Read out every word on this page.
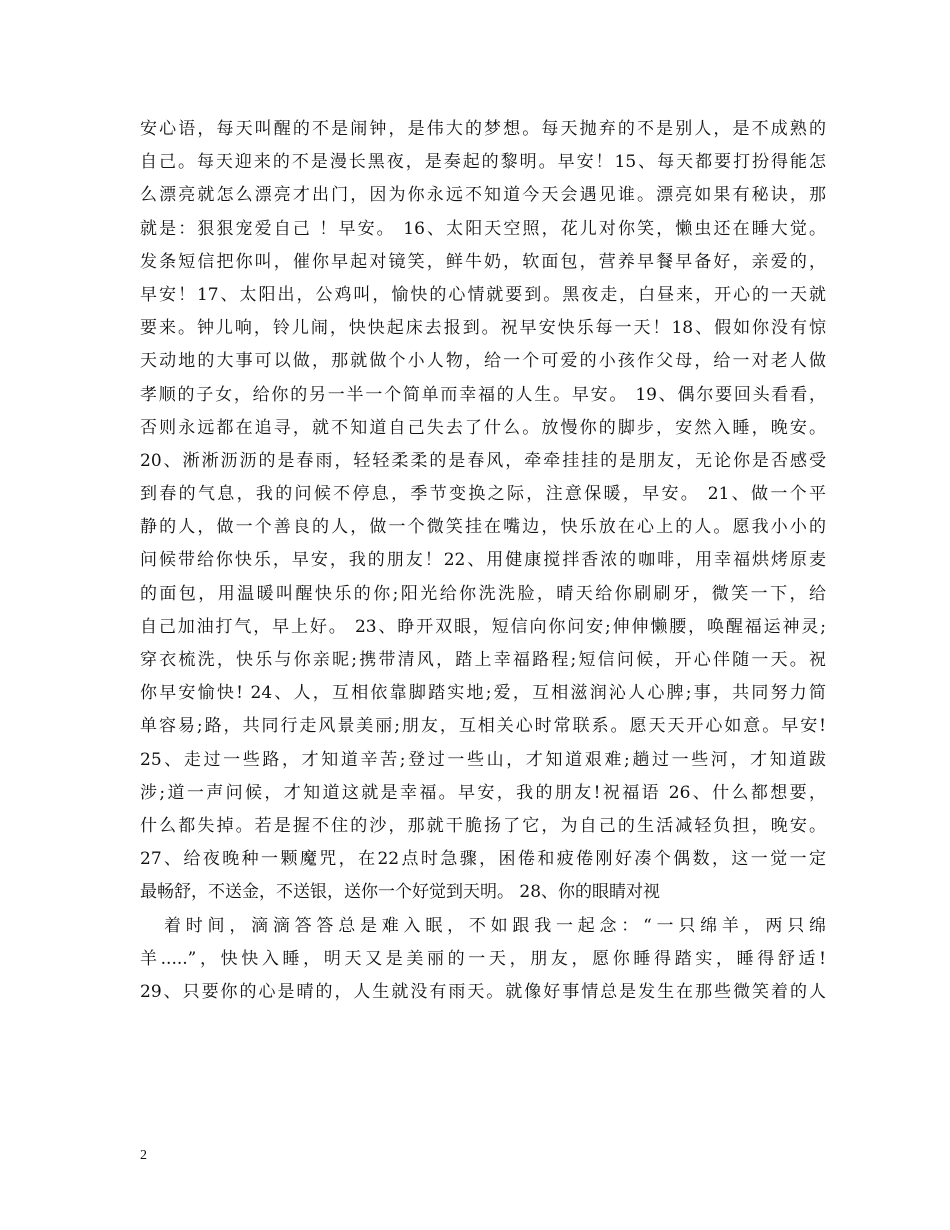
安心语，每天叫醒的不是闹钟，是伟大的梦想。每天抛弃的不是别人，是不成熟的
自己。每天迎来的不是漫长黑夜，是奏起的黎明。早安！15、每天都要打扮得能怎
么漂亮就怎么漂亮才出门，因为你永远不知道今天会遇见谁。漂亮如果有秘诀，那
就是：狠狠宠爱自己 ！早安。 16、太阳天空照，花儿对你笑，懒虫还在睡大觉。
发条短信把你叫，催你早起对镜笑，鲜牛奶，软面包，营养早餐早备好，亲爱的，
早安！17、太阳出，公鸡叫，愉快的心情就要到。黑夜走，白昼来，开心的一天就
要来。钟儿响，铃儿闹，快快起床去报到。祝早安快乐每一天！18、假如你没有惊
天动地的大事可以做，那就做个小人物，给一个可爱的小孩作父母，给一对老人做
孝顺的子女，给你的另一半一个简单而幸福的人生。早安。 19、偶尔要回头看看，
否则永远都在追寻，就不知道自己失去了什么。放慢你的脚步，安然入睡，晚安。
20、淅淅沥沥的是春雨，轻轻柔柔的是春风，牵牵挂挂的是朋友，无论你是否感受
到春的气息，我的问候不停息，季节变换之际，注意保暖，早安。 21、做一个平
静的人，做一个善良的人，做一个微笑挂在嘴边，快乐放在心上的人。愿我小小的
问候带给你快乐，早安，我的朋友！22、用健康搅拌香浓的咖啡，用幸福烘烤原麦
的面包，用温暖叫醒快乐的你;阳光给你洗洗脸，晴天给你刷刷牙，微笑一下，给
自己加油打气，早上好。 23、睁开双眼，短信向你问安;伸伸懒腰，唤醒福运神灵;
穿衣梳洗，快乐与你亲昵;携带清风，踏上幸福路程;短信问候，开心伴随一天。祝
你早安愉快! 24、人，互相依靠脚踏实地;爱，互相滋润沁人心脾;事，共同努力简
单容易;路，共同行走风景美丽;朋友，互相关心时常联系。愿天天开心如意。早安!
25、走过一些路，才知道辛苦;登过一些山，才知道艰难;趟过一些河，才知道跋
涉;道一声问候，才知道这就是幸福。早安，我的朋友!祝福语 26、什么都想要，
什么都失掉。若是握不住的沙，那就干脆扬了它，为自己的生活减轻负担，晚安。
27、给夜晚种一颗魔咒，在22点时急骤，困倦和疲倦刚好凑个偶数，这一觉一定
最畅舒，不送金，不送银，送你一个好觉到天明。 28、你的眼睛对视
着时间，滴滴答答总是难入眠，不如跟我一起念：“一只绵羊，两只绵
羊.....”，快快入睡，明天又是美丽的一天，朋友，愿你睡得踏实，睡得舒适!
29、只要你的心是晴的，人生就没有雨天。就像好事情总是发生在那些微笑着的人
2
